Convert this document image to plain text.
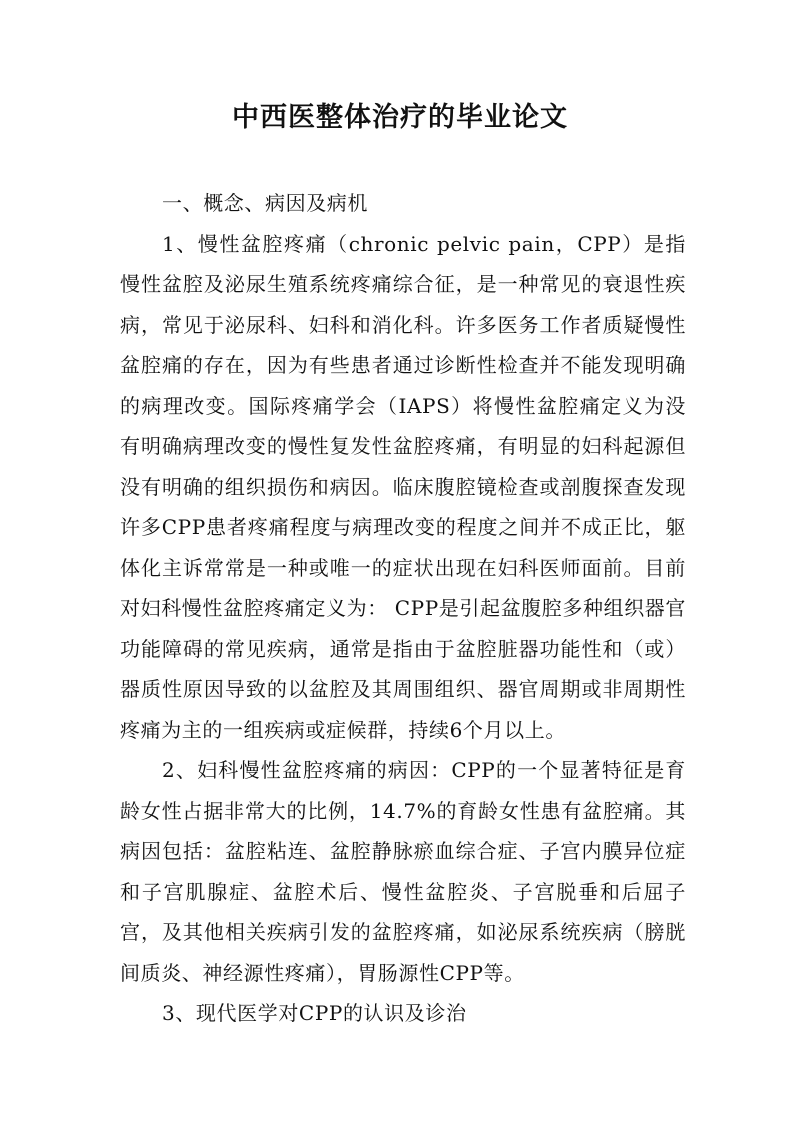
中西医整体治疗的毕业论文

一、概念、病因及病机

1、慢性盆腔疼痛（chronic pelvic pain，CPP）是指慢性盆腔及泌尿生殖系统疼痛综合征，是一种常见的衰退性疾病，常见于泌尿科、妇科和消化科。许多医务工作者质疑慢性盆腔痛的存在，因为有些患者通过诊断性检查并不能发现明确的病理改变。国际疼痛学会（IAPS）将慢性盆腔痛定义为没有明确病理改变的慢性复发性盆腔疼痛，有明显的妇科起源但没有明确的组织损伤和病因。临床腹腔镜检查或剖腹探查发现许多CPP患者疼痛程度与病理改变的程度之间并不成正比，躯体化主诉常常是一种或唯一的症状出现在妇科医师面前。目前对妇科慢性盆腔疼痛定义为： CPP是引起盆腹腔多种组织器官功能障碍的常见疾病，通常是指由于盆腔脏器功能性和（或）器质性原因导致的以盆腔及其周围组织、器官周期或非周期性疼痛为主的一组疾病或症候群，持续6个月以上。

2、妇科慢性盆腔疼痛的病因：CPP的一个显著特征是育龄女性占据非常大的比例，14.7%的育龄女性患有盆腔痛。其病因包括：盆腔粘连、盆腔静脉瘀血综合症、子宫内膜异位症和子宫肌腺症、盆腔术后、慢性盆腔炎、子宫脱垂和后屈子宫，及其他相关疾病引发的盆腔疼痛，如泌尿系统疾病（膀胱间质炎、神经源性疼痛），胃肠源性CPP等。

3、现代医学对CPP的认识及诊治
